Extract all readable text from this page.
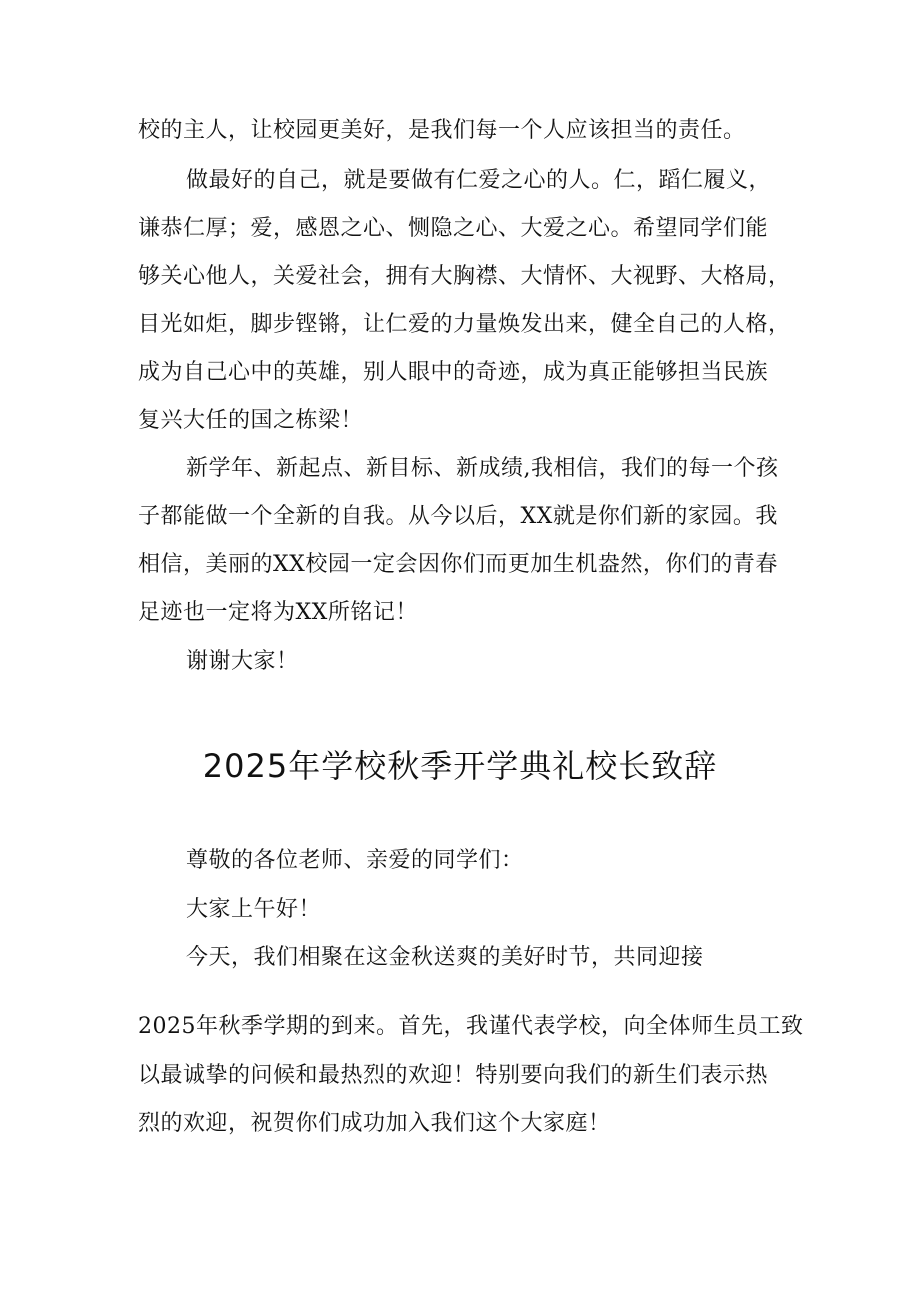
校的主人，让校园更美好，是我们每一个人应该担当的责任。
做最好的自己，就是要做有仁爱之心的人。仁，蹈仁履义，
谦恭仁厚；爱，感恩之心、恻隐之心、大爱之心。希望同学们能
够关心他人，关爱社会，拥有大胸襟、大情怀、大视野、大格局，
目光如炬，脚步铿锵，让仁爱的力量焕发出来，健全自己的人格，
成为自己心中的英雄，别人眼中的奇迹，成为真正能够担当民族
复兴大任的国之栋梁！
新学年、新起点、新目标、新成绩,我相信，我们的每一个孩
子都能做一个全新的自我。从今以后，XX就是你们新的家园。我
相信，美丽的XX校园一定会因你们而更加生机盎然，你们的青春
足迹也一定将为XX所铭记！
谢谢大家！
2025年学校秋季开学典礼校长致辞
尊敬的各位老师、亲爱的同学们：
大家上午好！
今天，我们相聚在这金秋送爽的美好时节，共同迎接
2025年秋季学期的到来。首先，我谨代表学校，向全体师生员工致
以最诚挚的问候和最热烈的欢迎！特别要向我们的新生们表示热
烈的欢迎，祝贺你们成功加入我们这个大家庭！
